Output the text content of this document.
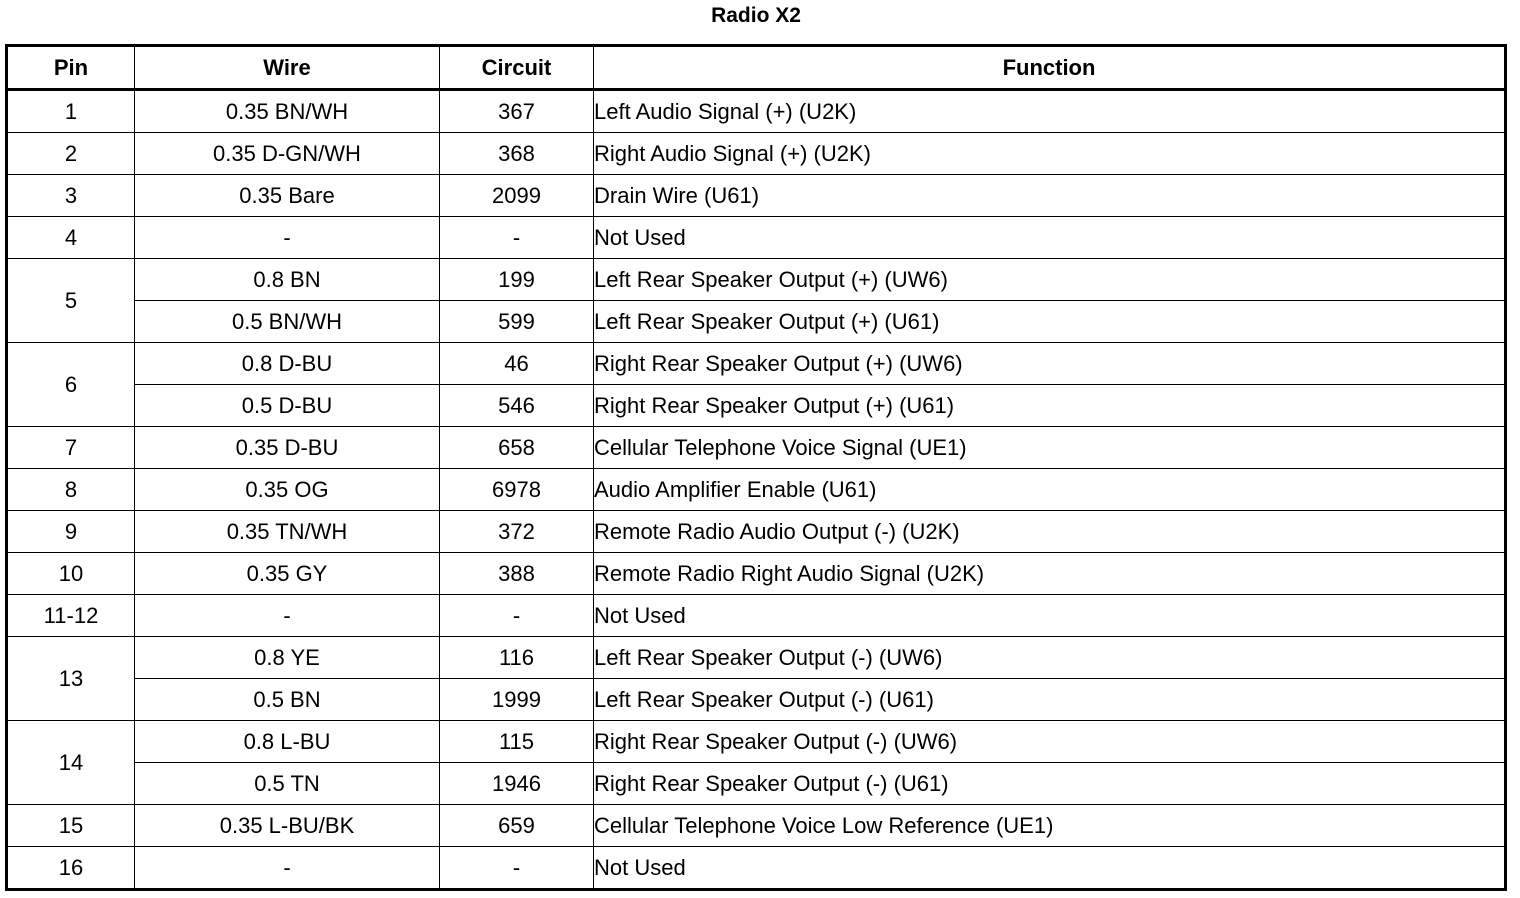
Radio X2
Pin	Wire	Circuit	Function
1	0.35 BN/WH	367	Left Audio Signal (+) (U2K)
2	0.35 D-GN/WH	368	Right Audio Signal (+) (U2K)
3	0.35 Bare	2099	Drain Wire (U61)
4	-	-	Not Used
5	0.8 BN	199	Left Rear Speaker Output (+) (UW6)
	0.5 BN/WH	599	Left Rear Speaker Output (+) (U61)
6	0.8 D-BU	46	Right Rear Speaker Output (+) (UW6)
	0.5 D-BU	546	Right Rear Speaker Output (+) (U61)
7	0.35 D-BU	658	Cellular Telephone Voice Signal (UE1)
8	0.35 OG	6978	Audio Amplifier Enable (U61)
9	0.35 TN/WH	372	Remote Radio Audio Output (-) (U2K)
10	0.35 GY	388	Remote Radio Right Audio Signal (U2K)
11-12	-	-	Not Used
13	0.8 YE	116	Left Rear Speaker Output (-) (UW6)
	0.5 BN	1999	Left Rear Speaker Output (-) (U61)
14	0.8 L-BU	115	Right Rear Speaker Output (-) (UW6)
	0.5 TN	1946	Right Rear Speaker Output (-) (U61)
15	0.35 L-BU/BK	659	Cellular Telephone Voice Low Reference (UE1)
16	-	-	Not Used
